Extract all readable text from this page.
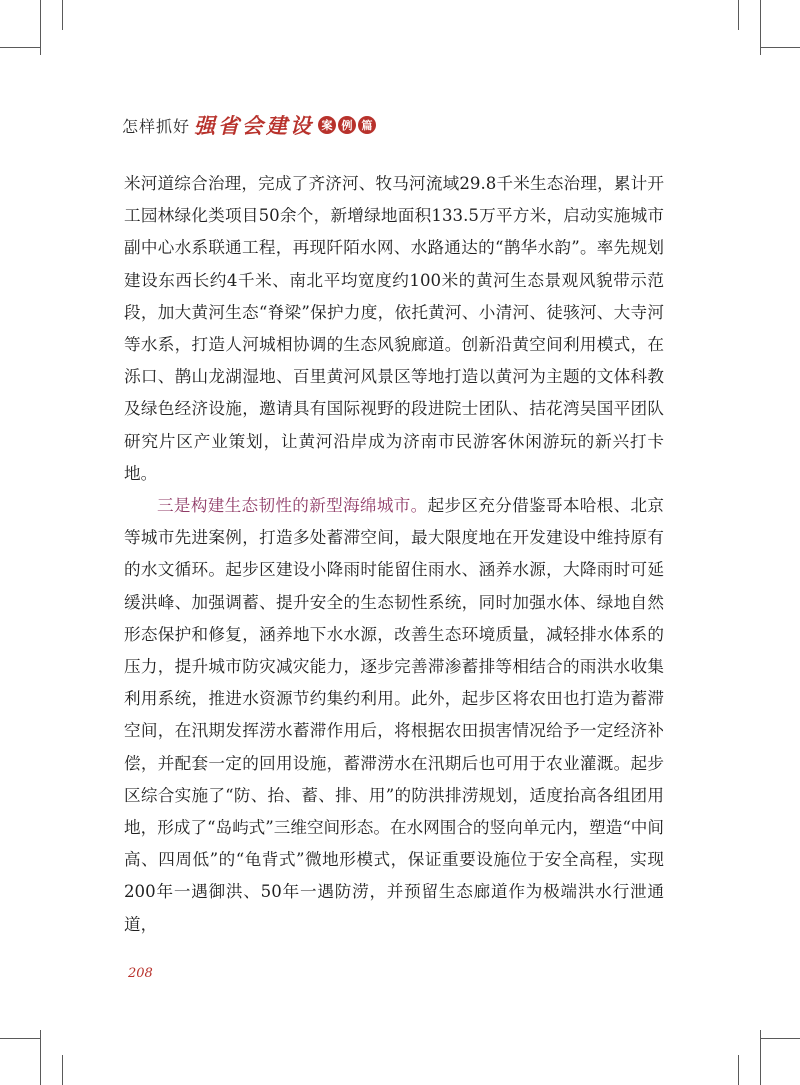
怎样抓好 强省会建设 案 例 篇

米河道综合治理，完成了齐济河、牧马河流域29.8千米生态治理，累计开工园林绿化类项目50余个，新增绿地面积133.5万平方米，启动实施城市副中心水系联通工程，再现阡陌水网、水路通达的“鹊华水韵”。率先规划建设东西长约4千米、南北平均宽度约100米的黄河生态景观风貌带示范段，加大黄河生态“脊梁”保护力度，依托黄河、小清河、徒骇河、大寺河等水系，打造人河城相协调的生态风貌廊道。创新沿黄空间利用模式，在泺口、鹊山龙湖湿地、百里黄河风景区等地打造以黄河为主题的文体科教及绿色经济设施，邀请具有国际视野的段进院士团队、拮花湾吴国平团队研究片区产业策划，让黄河沿岸成为济南市民游客休闲游玩的新兴打卡地。

三是构建生态韧性的新型海绵城市。起步区充分借鉴哥本哈根、北京等城市先进案例，打造多处蓄滞空间，最大限度地在开发建设中维持原有的水文循环。起步区建设小降雨时能留住雨水、涵养水源，大降雨时可延缓洪峰、加强调蓄、提升安全的生态韧性系统，同时加强水体、绿地自然形态保护和修复，涵养地下水水源，改善生态环境质量，减轻排水体系的压力，提升城市防灾减灾能力，逐步完善滞渗蓄排等相结合的雨洪水收集利用系统，推进水资源节约集约利用。此外，起步区将农田也打造为蓄滞空间，在汛期发挥涝水蓄滞作用后，将根据农田损害情况给予一定经济补偿，并配套一定的回用设施，蓄滞涝水在汛期后也可用于农业灌溉。起步区综合实施了“防、抬、蓄、排、用”的防洪排涝规划，适度抬高各组团用地，形成了“岛屿式”三维空间形态。在水网围合的竖向单元内，塑造“中间高、四周低”的“龟背式”微地形模式，保证重要设施位于安全高程，实现200年一遇御洪、50年一遇防涝，并预留生态廊道作为极端洪水行泄通道，

208
